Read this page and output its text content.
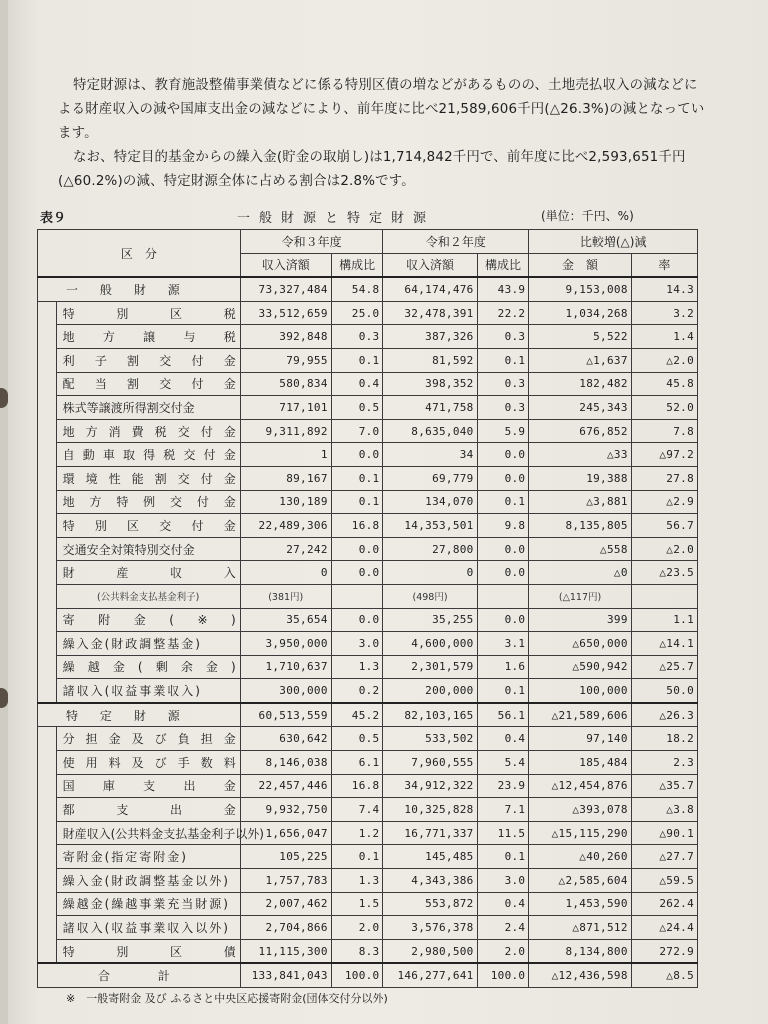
特定財源は、教育施設整備事業債などに係る特別区債の増などがあるものの、土地売払収入の減などによる財産収入の減や国庫支出金の減などにより、前年度に比べ21,589,606千円(△26.3%)の減となっています。

なお、特定目的基金からの繰入金(貯金の取崩し)は1,714,842千円で、前年度に比べ2,593,651千円(△60.2%)の減、特定財源全体に占める割合は2.8%です。

表９	一般財源と特定財源	(単位：千円、%)
区　分		令和３年度		令和２年度		比較増(△)減	
		収入済額	構成比	収入済額	構成比	金　額	率
一般財源		73,327,484	54.8	64,174,476	43.9	9,153,008	14.3
	特別区税	33,512,659	25.0	32,478,391	22.2	1,034,268	3.2
	地方譲与税	392,848	0.3	387,326	0.3	5,522	1.4
	利子割交付金	79,955	0.1	81,592	0.1	△1,637	△2.0
	配当割交付金	580,834	0.4	398,352	0.3	182,482	45.8
	株式等譲渡所得割交付金	717,101	0.5	471,758	0.3	245,343	52.0
	地方消費税交付金	9,311,892	7.0	8,635,040	5.9	676,852	7.8
	自動車取得税交付金	1	0.0	34	0.0	△33	△97.2
	環境性能割交付金	89,167	0.1	69,779	0.0	19,388	27.8
	地方特例交付金	130,189	0.1	134,070	0.1	△3,881	△2.9
	特別区交付金	22,489,306	16.8	14,353,501	9.8	8,135,805	56.7
	交通安全対策特別交付金	27,242	0.0	27,800	0.0	△558	△2.0
	財産収入	0	0.0	0	0.0	△0	△23.5
	(公共料金支払基金利子)	(381円)		(498円)		(△117円)	
	寄附金(※)	35,654	0.0	35,255	0.0	399	1.1
	繰入金(財政調整基金)	3,950,000	3.0	4,600,000	3.1	△650,000	△14.1
	繰越金(剰余金)	1,710,637	1.3	2,301,579	1.6	△590,942	△25.7
	諸収入(収益事業収入)	300,000	0.2	200,000	0.1	100,000	50.0
特定財源		60,513,559	45.2	82,103,165	56.1	△21,589,606	△26.3
	分担金及び負担金	630,642	0.5	533,502	0.4	97,140	18.2
	使用料及び手数料	8,146,038	6.1	7,960,555	5.4	185,484	2.3
	国庫支出金	22,457,446	16.8	34,912,322	23.9	△12,454,876	△35.7
	都支出金	9,932,750	7.4	10,325,828	7.1	△393,078	△3.8
	財産収入(公共料金支払基金利子以外)	1,656,047	1.2	16,771,337	11.5	△15,115,290	△90.1
	寄附金(指定寄附金)	105,225	0.1	145,485	0.1	△40,260	△27.7
	繰入金(財政調整基金以外)	1,757,783	1.3	4,343,386	3.0	△2,585,604	△59.5
	繰越金(繰越事業充当財源)	2,007,462	1.5	553,872	0.4	1,453,590	262.4
	諸収入(収益事業収入以外)	2,704,866	2.0	3,576,378	2.4	△871,512	△24.4
	特別区債	11,115,300	8.3	2,980,500	2.0	8,134,800	272.9
合計		133,841,043	100.0	146,277,641	100.0	△12,436,598	△8.5
※　一般寄附金 及び ふるさと中央区応援寄附金(団体交付分以外)
